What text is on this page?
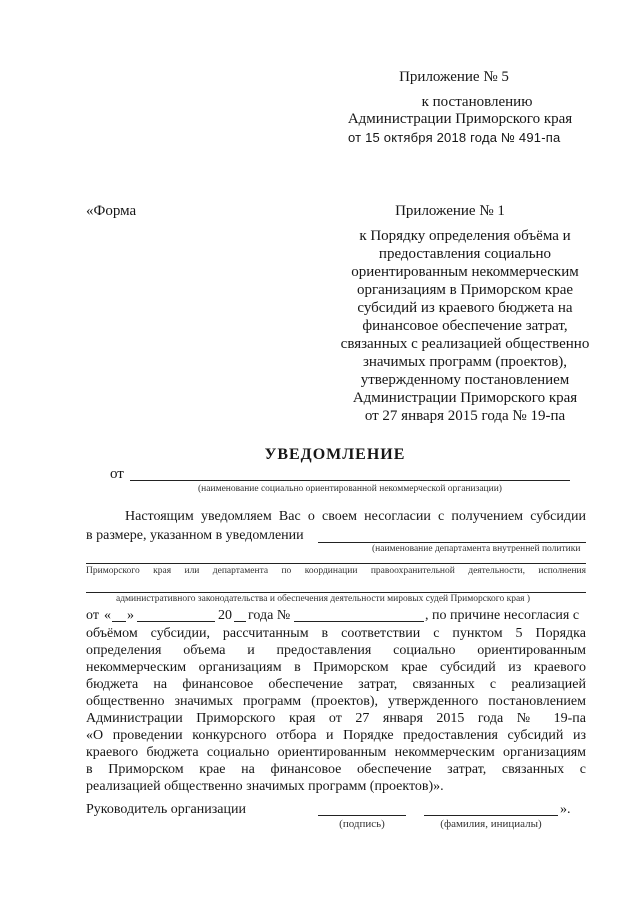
Приложение № 5
к постановлению
Администрации Приморского края
от 15 октября 2018 года № 491-па
«Форма	Приложение № 1
к Порядку определения объёма и
предоставления социально
ориентированным некоммерческим
организациям в Приморском крае
субсидий из краевого бюджета на
финансовое обеспечение затрат,
связанных с реализацией общественно
значимых программ (проектов),
утвержденному постановлением
Администрации Приморского края
от 27 января 2015 года № 19-па
УВЕДОМЛЕНИЕ
от
(наименование социально ориентированной некоммерческой организации)
Настоящим уведомляем Вас о своем несогласии с получением субсидии
в размере, указанном в уведомлении
(наименование департамента внутренней политики
Приморского края или департамента по координации правоохранительной деятельности, исполнения
административного законодательства и обеспечения деятельности мировых судей Приморского края )
от « »	20 года №	, по причине несогласия с
объёмом субсидии, рассчитанным в соответствии с пунктом 5 Порядка
определения объема и предоставления социально ориентированным
некоммерческим организациям в Приморском крае субсидий из краевого
бюджета на финансовое обеспечение затрат, связанных с реализацией
общественно значимых программ (проектов), утвержденного постановлением
Администрации Приморского края от 27 января 2015 года № 19-па
«О проведении конкурсного отбора и Порядке предоставления субсидий из
краевого бюджета социально ориентированным некоммерческим организациям
в Приморском крае на финансовое обеспечение затрат, связанных с
реализацией общественно значимых программ (проектов)».
Руководитель организации
(подпись)	(фамилия, инициалы)
».
